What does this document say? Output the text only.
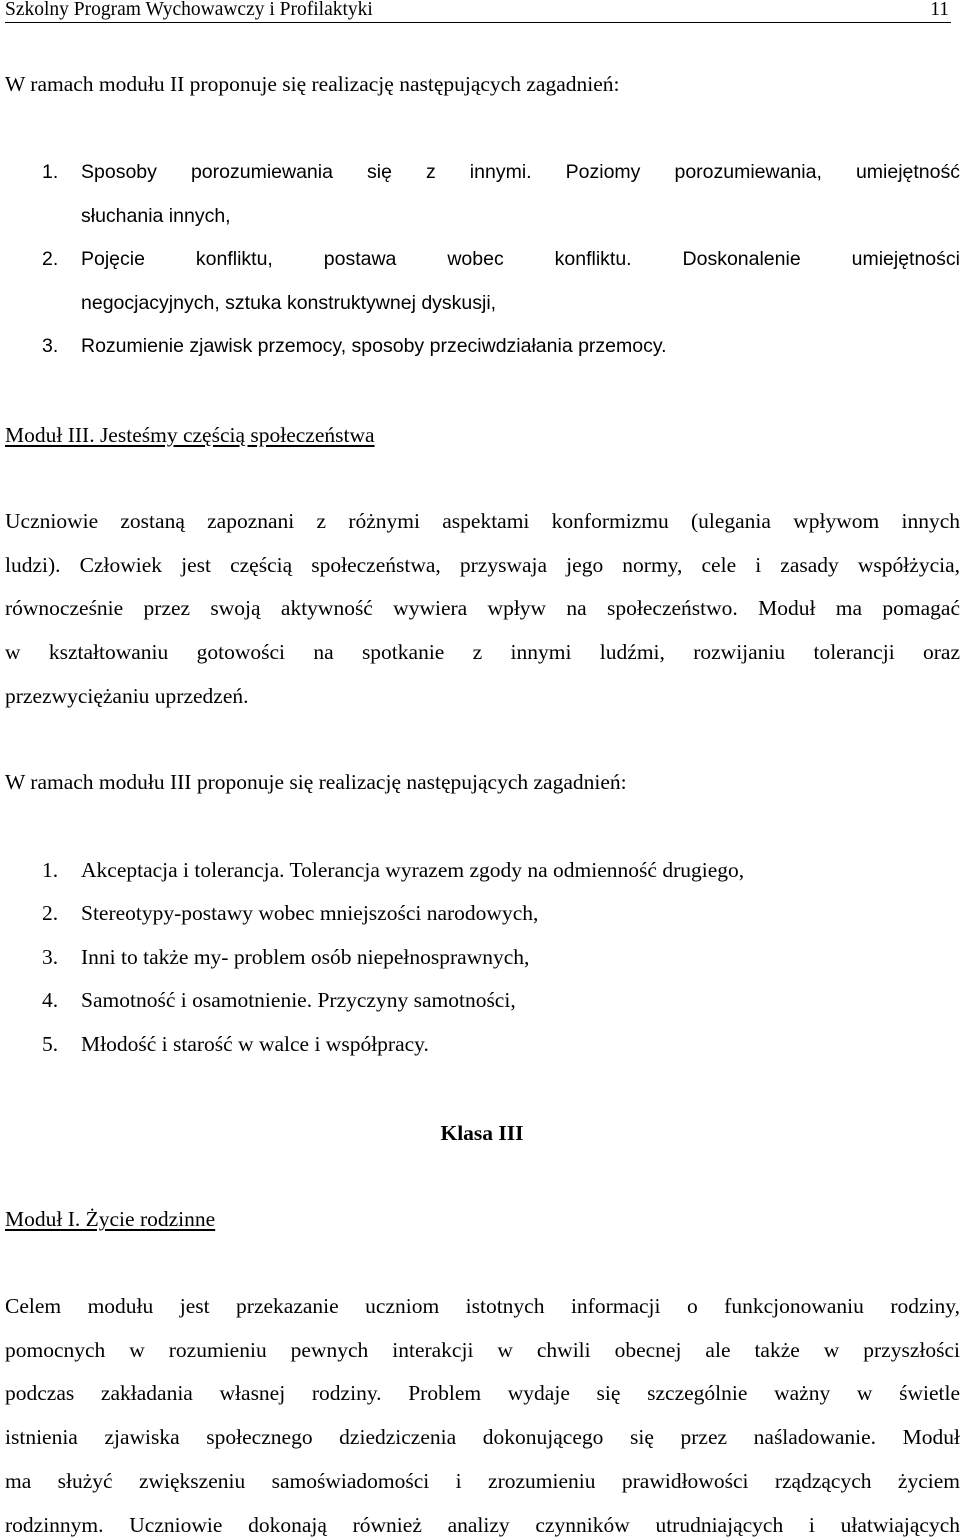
Szkolny Program Wychowawczy i Profilaktyki	11
W ramach modułu II proponuje się realizację następujących zagadnień:
1. Sposoby porozumiewania się z innymi. Poziomy porozumiewania, umiejętność
słuchania innych,
2. Pojęcie konfliktu, postawa wobec konfliktu. Doskonalenie umiejętności
negocjacyjnych, sztuka konstruktywnej dyskusji,
3. Rozumienie zjawisk przemocy, sposoby przeciwdziałania przemocy.
Moduł III. Jesteśmy częścią społeczeństwa
Uczniowie zostaną zapoznani z różnymi aspektami konformizmu (ulegania wpływom innych
ludzi). Człowiek jest częścią społeczeństwa, przyswaja jego normy, cele i zasady współżycia,
równocześnie przez swoją aktywność wywiera wpływ na społeczeństwo. Moduł ma pomagać
w kształtowaniu gotowości na spotkanie z innymi ludźmi, rozwijaniu tolerancji oraz
przezwyciężaniu uprzedzeń.
W ramach modułu III proponuje się realizację następujących zagadnień:
1. Akceptacja i tolerancja. Tolerancja wyrazem zgody na odmienność drugiego,
2. Stereotypy-postawy wobec mniejszości narodowych,
3. Inni to także my- problem osób niepełnosprawnych,
4. Samotność i osamotnienie. Przyczyny samotności,
5. Młodość i starość w walce i współpracy.
Klasa III
Moduł I. Życie rodzinne
Celem modułu jest przekazanie uczniom istotnych informacji o funkcjonowaniu rodziny,
pomocnych w rozumieniu pewnych interakcji w chwili obecnej ale także w przyszłości
podczas zakładania własnej rodziny. Problem wydaje się szczególnie ważny w świetle
istnienia zjawiska społecznego dziedziczenia dokonującego się przez naśladowanie. Moduł
ma służyć zwiększeniu samoświadomości i zrozumieniu prawidłowości rządzących życiem
rodzinnym. Uczniowie dokonają również analizy czynników utrudniających i ułatwiających
